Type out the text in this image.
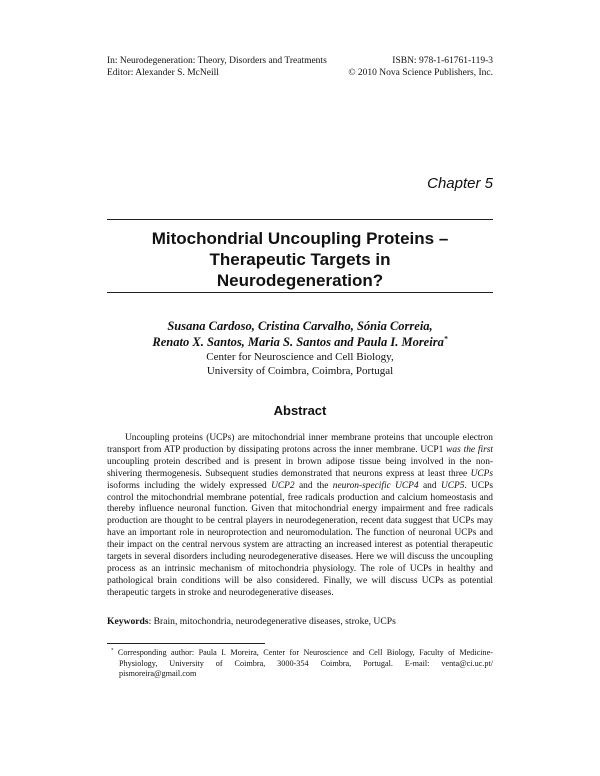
In: Neurodegeneration: Theory, Disorders and Treatments	ISBN: 978-1-61761-119-3
Editor: Alexander S. McNeill	© 2010 Nova Science Publishers, Inc.
Chapter 5
Mitochondrial Uncoupling Proteins –
Therapeutic Targets in
Neurodegeneration?
Susana Cardoso, Cristina Carvalho, Sónia Correia,
Renato X. Santos, Maria S. Santos and Paula I. Moreira*
Center for Neuroscience and Cell Biology,
University of Coimbra, Coimbra, Portugal
Abstract

Uncoupling proteins (UCPs) are mitochondrial inner membrane proteins that uncouple electron transport from ATP production by dissipating protons across the inner membrane. UCP1 was the first uncoupling protein described and is present in brown adipose tissue being involved in the non-shivering thermogenesis. Subsequent studies demonstrated that neurons express at least three UCPs isoforms including the widely expressed UCP2 and the neuron-specific UCP4 and UCP5. UCPs control the mitochondrial membrane potential, free radicals production and calcium homeostasis and thereby influence neuronal function. Given that mitochondrial energy impairment and free radicals production are thought to be central players in neurodegeneration, recent data suggest that UCPs may have an important role in neuroprotection and neuromodulation. The function of neuronal UCPs and their impact on the central nervous system are attracting an increased interest as potential therapeutic targets in several disorders including neurodegenerative diseases. Here we will discuss the uncoupling process as an intrinsic mechanism of mitochondria physiology. The role of UCPs in healthy and pathological brain conditions will be also considered. Finally, we will discuss UCPs as potential therapeutic targets in stroke and neurodegenerative diseases.

Keywords: Brain, mitochondria, neurodegenerative diseases, stroke, UCPs
* Corresponding author: Paula I. Moreira, Center for Neuroscience and Cell Biology, Faculty of Medicine-Physiology, University of Coimbra, 3000-354 Coimbra, Portugal. E-mail: venta@ci.uc.pt/ pismoreira@gmail.com
